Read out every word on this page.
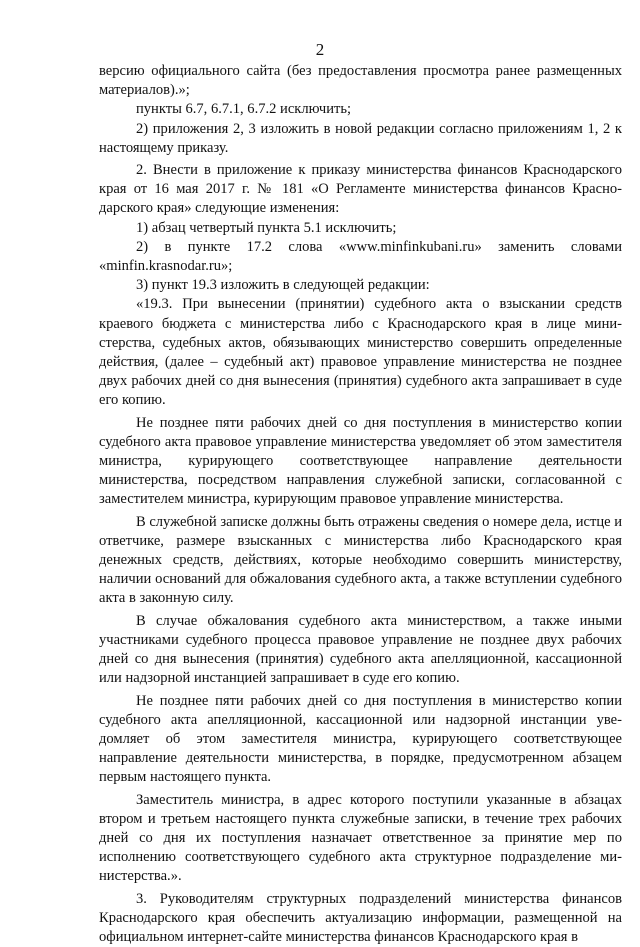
2

версию официального сайта (без предоставления просмотра ранее размещенных материалов).»;

пункты 6.7, 6.7.1, 6.7.2 исключить;

2) приложения 2, 3 изложить в новой редакции согласно приложениям 1, 2 к настоящему приказу.

2. Внести в приложение к приказу министерства финансов Краснодарского края от 16 мая 2017 г. № 181 «О Регламенте министерства финансов Краснодарского края» следующие изменения:

1) абзац четвертый пункта 5.1 исключить;

2) в пункте 17.2 слова «www.minfinkubani.ru» заменить словами «minfin.krasnodar.ru»;

3) пункт 19.3 изложить в следующей редакции:

«19.3. При вынесении (принятии) судебного акта о взыскании средств краевого бюджета с министерства либо с Краснодарского края в лице министерства, судебных актов, обязывающих министерство совершить определенные действия, (далее – судебный акт) правовое управление министерства не позднее двух рабочих дней со дня вынесения (принятия) судебного акта запрашивает в суде его копию.

Не позднее пяти рабочих дней со дня поступления в министерство копии судебного акта правовое управление министерства уведомляет об этом заместителя министра, курирующего соответствующее направление деятельности министерства, посредством направления служебной записки, согласованной с заместителем министра, курирующим правовое управление министерства.

В служебной записке должны быть отражены сведения о номере дела, истце и ответчике, размере взысканных с министерства либо Краснодарского края денежных средств, действиях, которые необходимо совершить министерству, наличии оснований для обжалования судебного акта, а также вступлении судебного акта в законную силу.

В случае обжалования судебного акта министерством, а также иными участниками судебного процесса правовое управление не позднее двух рабочих дней со дня вынесения (принятия) судебного акта апелляционной, кассационной или надзорной инстанцией запрашивает в суде его копию.

Не позднее пяти рабочих дней со дня поступления в министерство копии судебного акта апелляционной, кассационной или надзорной инстанции уведомляет об этом заместителя министра, курирующего соответствующее направление деятельности министерства, в порядке, предусмотренном абзацем первым настоящего пункта.

Заместитель министра, в адрес которого поступили указанные в абзацах втором и третьем настоящего пункта служебные записки, в течение трех рабочих дней со дня их поступления назначает ответственное за принятие мер по исполнению соответствующего судебного акта структурное подразделение министерства.».

3. Руководителям структурных подразделений министерства финансов Краснодарского края обеспечить актуализацию информации, размещенной на официальном интернет-сайте министерства финансов Краснодарского края в
